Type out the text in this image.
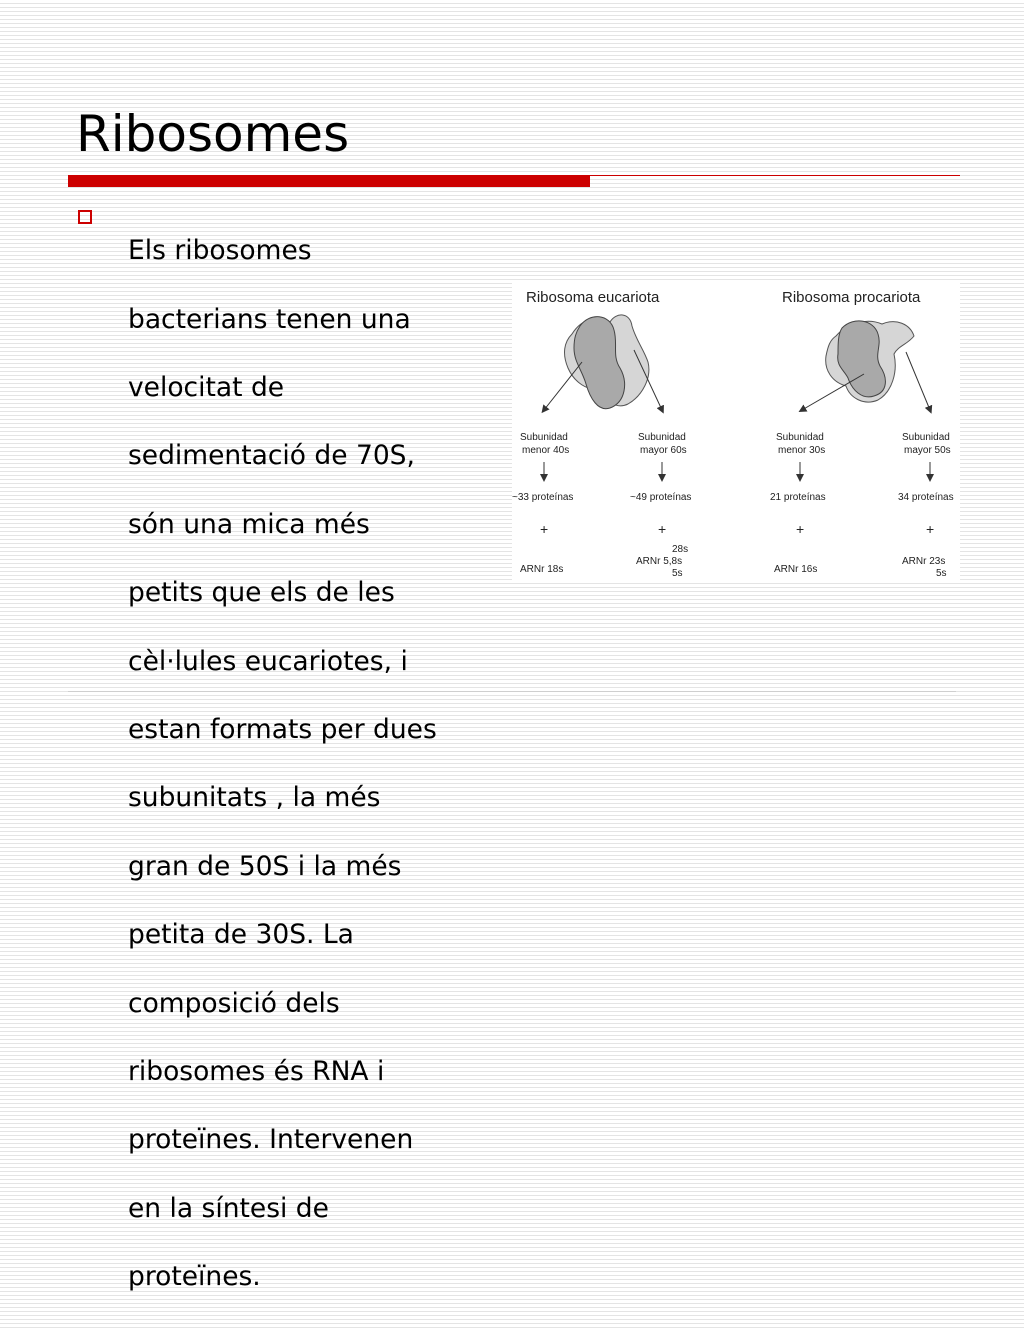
Ribosomes

Els ribosomes

bacterians tenen una

velocitat de

sedimentació de 70S,

són una mica més

petits que els de les

cèl·lules eucariotes, i

estan formats per dues

subunitats , la més

gran de 50S i la més

petita de 30S. La

composició dels

ribosomes és RNA i

proteïnes. Intervenen

en la síntesi de

proteïnes.

Ribosoma eucariota
Subunidad
menor 40s
Subunidad
mayor 60s
~33 proteínas	~49 proteínas
+	+
ARNr 18s
28s
ARNr 5,8s
5s
Ribosoma procariota
Subunidad
menor 30s
Subunidad
mayor 50s
21 proteínas	34 proteínas
+	+
ARNr 16s
ARNr 23s
5s
